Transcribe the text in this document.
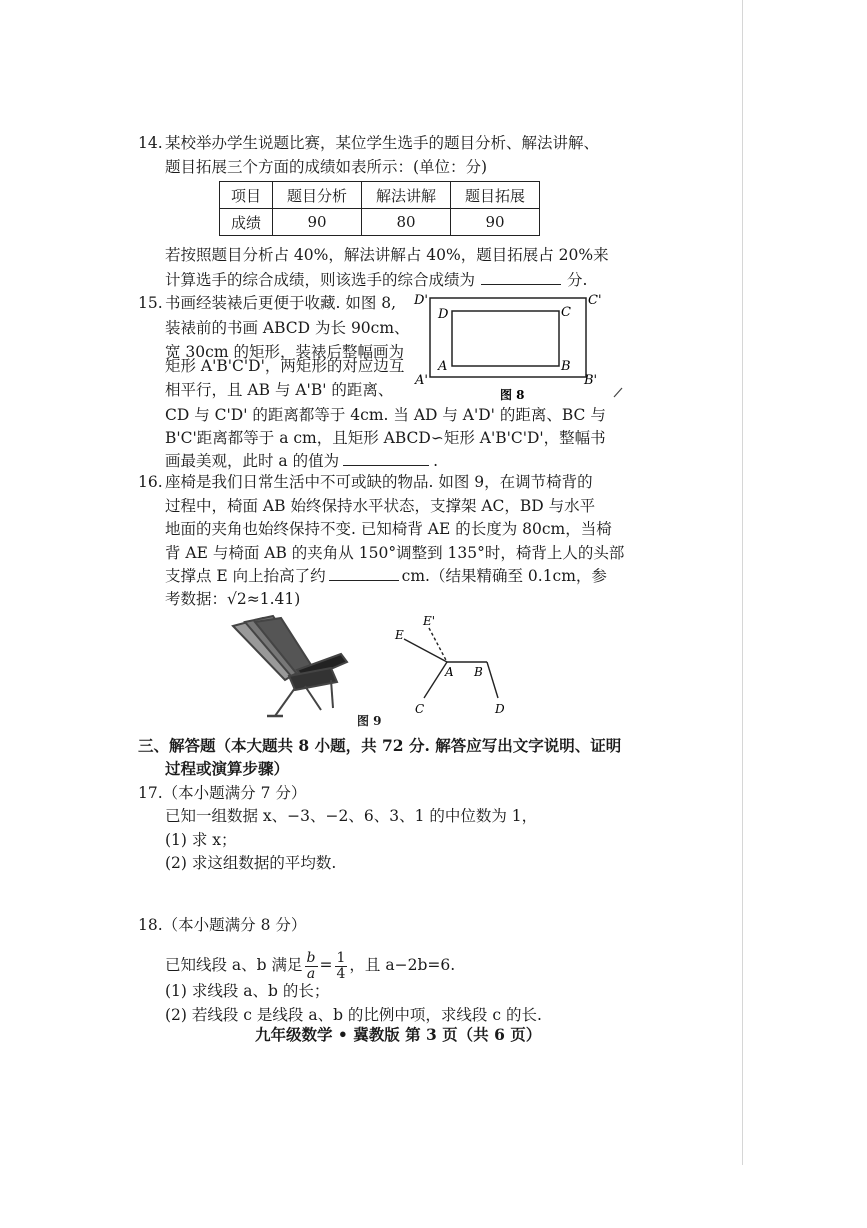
14. 某校举办学生说题比赛，某位学生选手的题目分析、解法讲解、
题目拓展三个方面的成绩如表所示：(单位：分)
项目	题目分析	解法讲解	题目拓展
成绩	90	80	90
若按照题目分析占 40%，解法讲解占 40%，题目拓展占 20%来
计算选手的综合成绩，则该选手的综合成绩为	分.
15. 书画经装裱后更便于收藏. 如图 8,
装裱前的书画 ABCD 为长 90cm、
宽 30cm 的矩形，装裱后整幅画为
矩形 A'B'C'D'，两矩形的对应边互
相平行，且 AB 与 A'B' 的距离、
CD 与 C'D' 的距离都等于 4cm. 当 AD 与 A'D' 的距离、BC 与
B'C'距离都等于 a cm，且矩形 ABCD∽矩形 A'B'C'D'，整幅书
画最美观，此时 a 的值为	.
D'	C'
A'	B'
D	C
A	B
图 8
16. 座椅是我们日常生活中不可或缺的物品. 如图 9，在调节椅背的
过程中，椅面 AB 始终保持水平状态，支撑架 AC，BD 与水平
地面的夹角也始终保持不变. 已知椅背 AE 的长度为 80cm，当椅
背 AE 与椅面 AB 的夹角从 150°调整到 135°时，椅背上人的头部
支撑点 E 向上抬高了约	cm.（结果精确至 0.1cm，参
考数据：√2≈1.41)
E'
E
A B
C	D
图 9
三、解答题（本大题共 8 小题，共 72 分. 解答应写出文字说明、证明
过程或演算步骤）
17.（本小题满分 7 分）
已知一组数据 x、−3、−2、6、3、1 的中位数为 1，
(1) 求 x；
(2) 求这组数据的平均数.
18.（本小题满分 8 分）
已知线段 a、b 满足 $\frac{b}{a} = \frac{1}{4}$ ，且 a−2b=6.
(1) 求线段 a、b 的长；
(2) 若线段 c 是线段 a、b 的比例中项，求线段 c 的长.
九年级数学 • 冀教版 第 3 页（共 6 页）
